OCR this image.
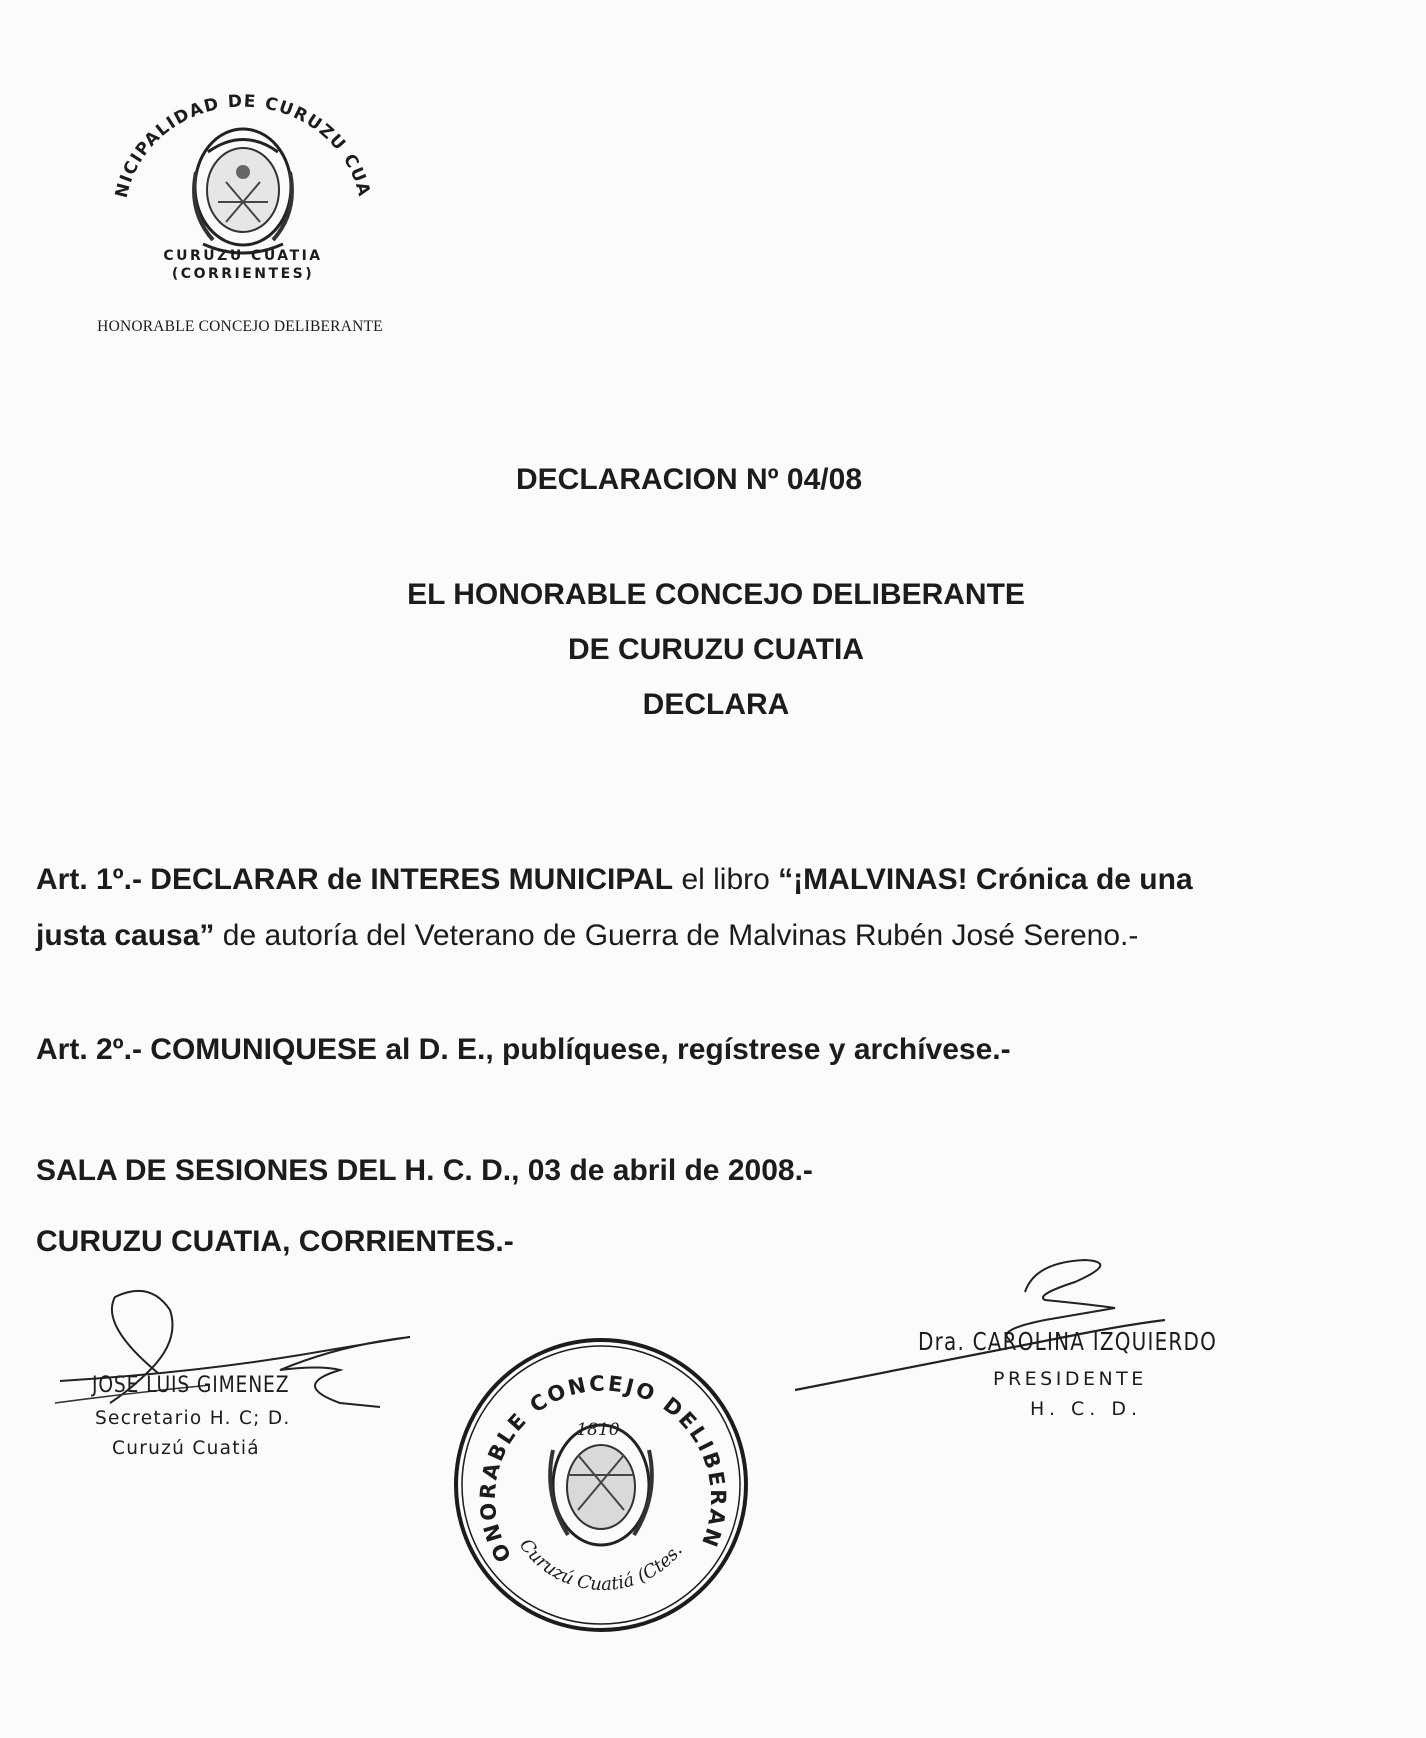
NICIPALIDAD DE CURUZU CUA
CURUZU CUATIA
(CORRIENTES)
HONORABLE CONCEJO DELIBERANTE
DECLARACION Nº 04/08
EL HONORABLE CONCEJO DELIBERANTE
DE CURUZU CUATIA
DECLARA
Art. 1º.- DECLARAR de INTERES MUNICIPAL el libro “¡MALVINAS! Crónica de una
justa causa” de autoría del Veterano de Guerra de Malvinas Rubén José Sereno.-
Art. 2º.- COMUNIQUESE al D. E., publíquese, regístrese y archívese.-
SALA DE SESIONES DEL H. C. D., 03 de abril de 2008.-
CURUZU CUATIA, CORRIENTES.-
JOSE LUIS GIMENEZ
Secretario H. C; D.
Curuzú Cuatiá
ONORABLE CONCEJO DELIBERAN
Curuzú Cuatiá (Ctes.
1810
Dra. CAROLINA IZQUIERDO
PRESIDENTE
H. C. D.
